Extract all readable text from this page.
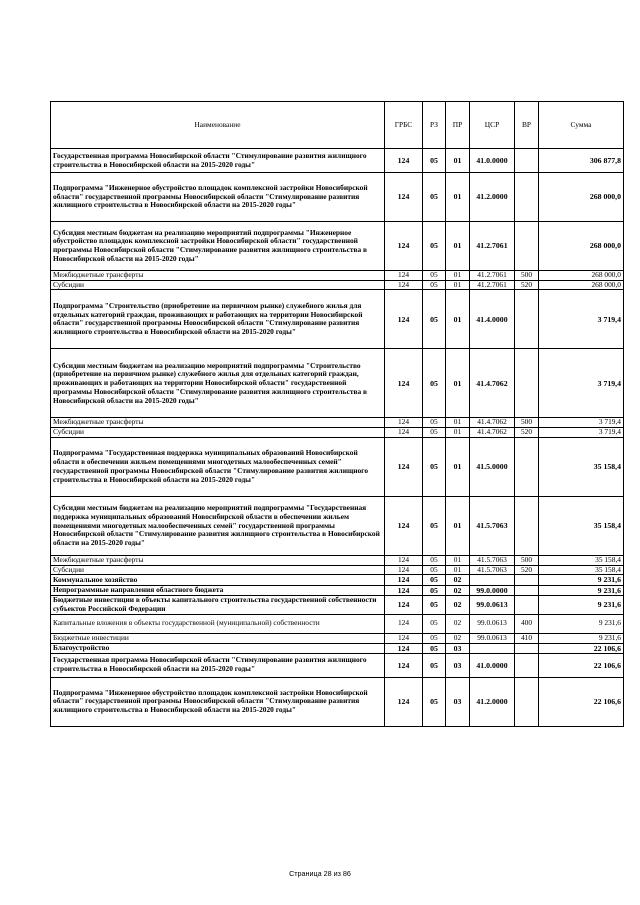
Наименование	ГРБС	РЗ	ПР	ЦСР	ВР	Сумма
Государственная программа Новосибирской области "Стимулирование развития жилищного строительства в Новосибирской области на 2015-2020 годы"	124	05	01	41.0.0000		306 877,8
Подпрограмма "Инженерное обустройство площадок комплексной застройки Новосибирской области" государственной программы Новосибирской области "Стимулирование развития жилищного строительства в Новосибирской области на 2015-2020 годы"	124	05	01	41.2.0000		268 000,0
Субсидия местным бюджетам на реализацию мероприятий подпрограммы "Инженерное обустройство площадок комплексной застройки Новосибирской области" государственной программы Новосибирской области "Стимулирование развития жилищного строительства в Новосибирской области на 2015-2020 годы"	124	05	01	41.2.7061		268 000,0
Межбюджетные трансферты	124	05	01	41.2.7061	500	268 000,0
Субсидии	124	05	01	41.2.7061	520	268 000,0
Подпрограмма "Строительство (приобретение на первичном рынке) служебного жилья для отдельных категорий граждан, проживающих и работающих на территории Новосибирской области" государственной программы Новосибирской области "Стимулирование развития жилищного строительства в Новосибирской области на 2015-2020 годы"	124	05	01	41.4.0000		3 719,4
Субсидии местным бюджетам на реализацию мероприятий подпрограммы "Строительство (приобретение на первичном рынке) служебного жилья для отдельных категорий граждан, проживающих и работающих на территории Новосибирской области" государственной программы Новосибирской области "Стимулирование развития жилищного строительства в Новосибирской области на 2015-2020 годы"	124	05	01	41.4.7062		3 719,4
Межбюджетные трансферты	124	05	01	41.4.7062	500	3 719,4
Субсидии	124	05	01	41.4.7062	520	3 719,4
Подпрограмма "Государственная поддержка муниципальных образований Новосибирской области в обеспечении жильем помещениями многодетных малообеспеченных семей" государственной программы Новосибирской области "Стимулирование развития жилищного строительства в Новосибирской области на 2015-2020 годы"	124	05	01	41.5.0000		35 158,4
Субсидии местным бюджетам на реализацию мероприятий подпрограммы "Государственная поддержка муниципальных образований Новосибирской области в обеспечении жильем помещениями многодетных малообеспеченных семей" государственной программы Новосибирской области "Стимулирование развития жилищного строительства в Новосибирской области на 2015-2020 годы"	124	05	01	41.5.7063		35 158,4
Межбюджетные трансферты	124	05	01	41.5.7063	500	35 158,4
Субсидии	124	05	01	41.5.7063	520	35 158,4
Коммунальное хозяйство	124	05	02			9 231,6
Непрограммные направления областного бюджета	124	05	02	99.0.0000		9 231,6
Бюджетные инвестиции в объекты капитального строительства государственной собственности субъектов Российской Федерации	124	05	02	99.0.0613		9 231,6
Капитальные вложения в объекты государственной (муниципальной) собственности	124	05	02	99.0.0613	400	9 231,6
Бюджетные инвестиции	124	05	02	99.0.0613	410	9 231,6
Благоустройство	124	05	03			22 106,6
Государственная программа Новосибирской области "Стимулирование развития жилищного строительства в Новосибирской области на 2015-2020 годы"	124	05	03	41.0.0000		22 106,6
Подпрограмма "Инженерное обустройство площадок комплексной застройки Новосибирской области" государственной программы Новосибирской области "Стимулирование развития жилищного строительства в Новосибирской области на 2015-2020 годы"	124	05	03	41.2.0000		22 106,6
Страница 28 из 86
